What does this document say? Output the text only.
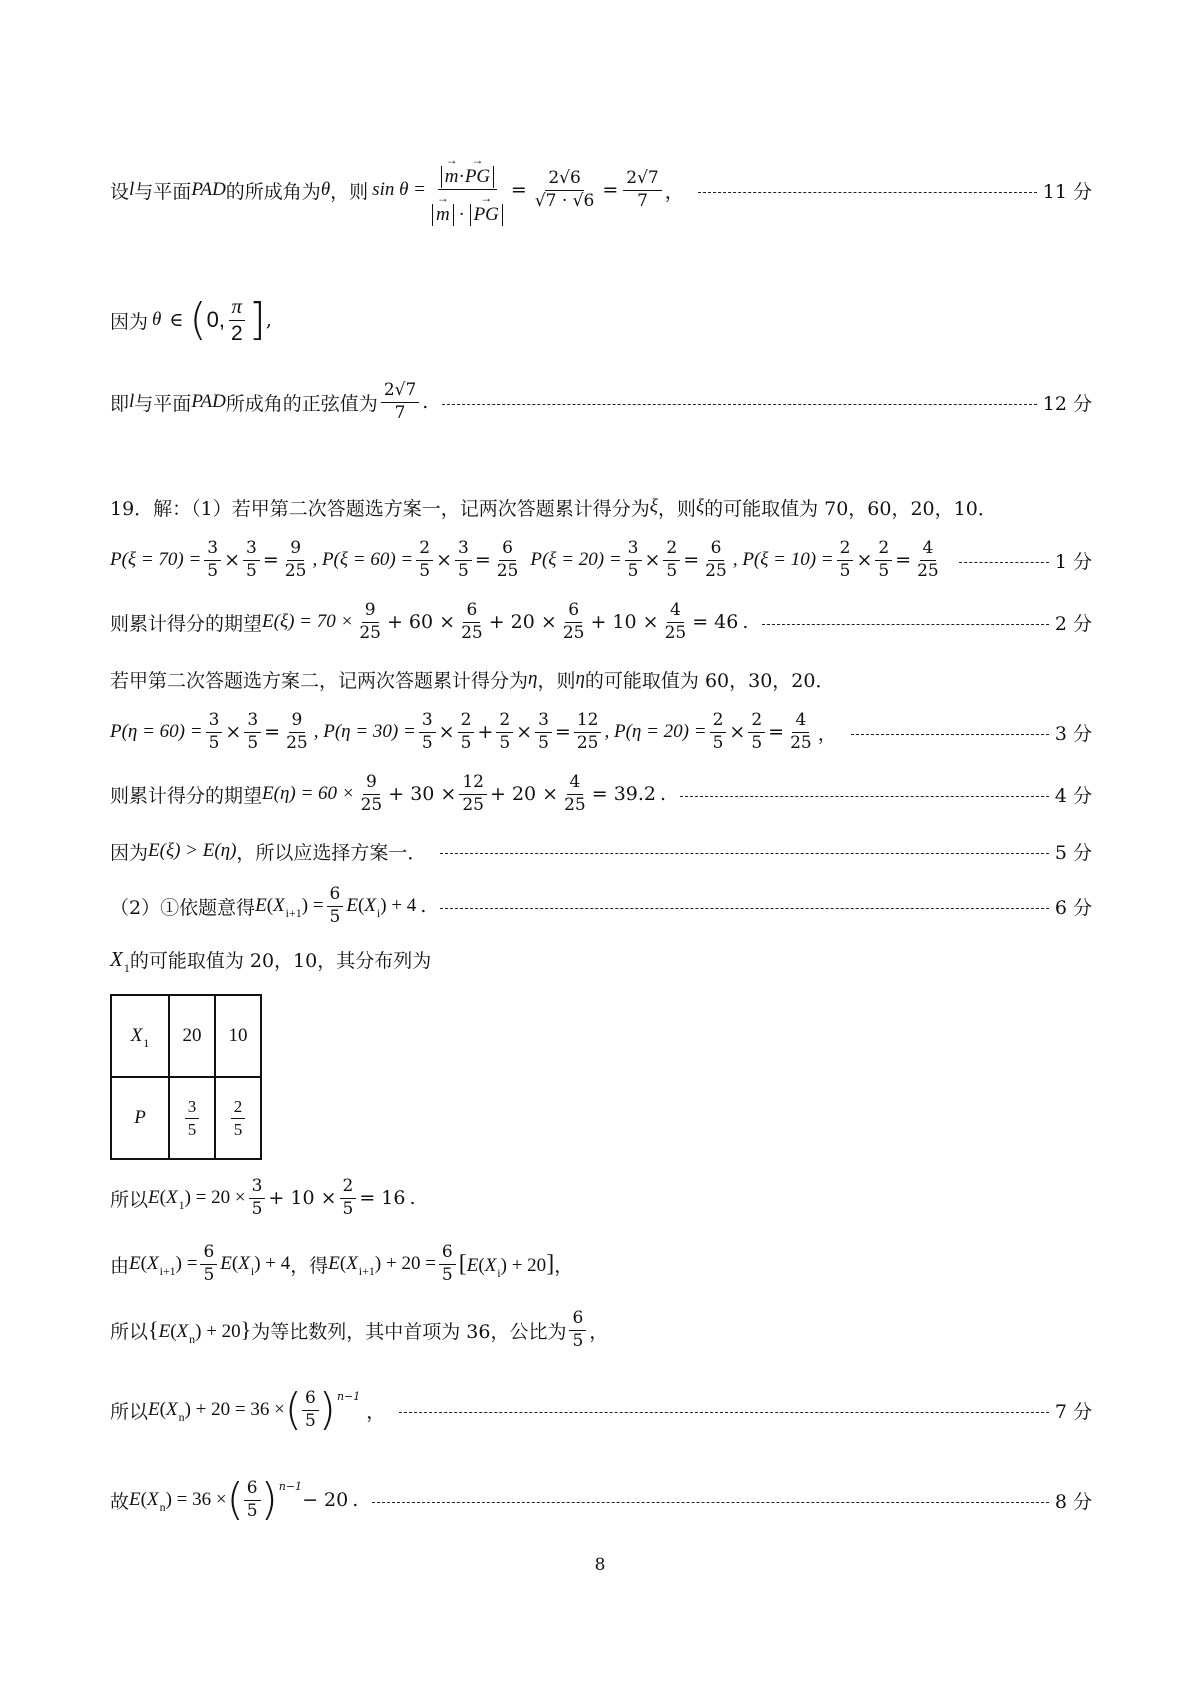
设 l 与平面 PAD 的所成角为 θ ，则 sin θ = → m·→ PG
→ m · → PG = $\frac{2√6}{√7 \cdot √6} = \frac{2√7}{7}$ ，	11 分
因为 θ ∈ ( 0, $\frac{\pi}{2}$ ] ,
即 l 与平面 PAD 所成角的正弦值为 $\frac{2√7}{7}$ .	12 分
19．解：（1）若甲第二次答题选方案一，记两次答题累计得分为 ξ ，则 ξ 的可能取值为 70，60，20，10．
$P(\xi = 70) = \frac{3}{5} \times \frac{3}{5} = \frac{9}{25}$ , $P(\xi = 60) = \frac{2}{5} \times \frac{3}{5} = \frac{6}{25} P(\xi = 20) = \frac{3}{5} \times \frac{2}{5} = \frac{6}{25}$ , $P(\xi = 10) = \frac{2}{5} \times \frac{2}{5} = \frac{4}{25}$	1 分
则累计得分的期望 $E(\xi) = 70 \times \frac{9}{25} + 60 \times \frac{6}{25} + 20 \times \frac{6}{25} + 10 \times \frac{4}{25} = 46$ .	2 分
若甲第二次答题选方案二，记两次答题累计得分为 η ，则 η 的可能取值为 60，30，20．
$P(\eta = 60) = \frac{3}{5} \times \frac{3}{5} = \frac{9}{25}$ , $P(\eta = 30) = \frac{3}{5} \times \frac{2}{5} + \frac{2}{5} \times \frac{3}{5} = \frac{12}{25}$ , $P(\eta = 20) = \frac{2}{5} \times \frac{2}{5} = \frac{4}{25}$ ，	3 分
则累计得分的期望 $E(\eta) = 60 \times \frac{9}{25} + 30 \times \frac{12}{25} + 20 \times \frac{4}{25} = 39.2$ .	4 分
因为 E(ξ) > E(η) ，所以应选择方案一．	5 分
（2）①依题意得 $E(X_{i+1}) = \frac{6}{5} E(X_i) + 4$ .	6 分
$X_1$ 的可能取值为 20，10，其分布列为
$X_1$	20	10
P	$\frac{3}{5}$	$\frac{2}{5}$
所以 $E(X_1) = 20 \times \frac{3}{5} + 10 \times \frac{2}{5} = 16$ .
由 $E(X_{i+1}) = \frac{6}{5} E(X_i) + 4$ ，得 $E(X_{i+1}) + 20 = \frac{6}{5} [E(X_i) + 20]$ ，
所以 $\{E(X_n) + 20\}$ 为等比数列，其中首项为 36，公比为 $\frac{6}{5}$ ，
所以 $E(X_n) + 20 = 36$ × ( $\frac{6}{5}$ ) n−1
，	7 分
故 $E(X_n) = 36$ × ( $\frac{6}{5}$ ) n−1
− 20 .	8 分
8
